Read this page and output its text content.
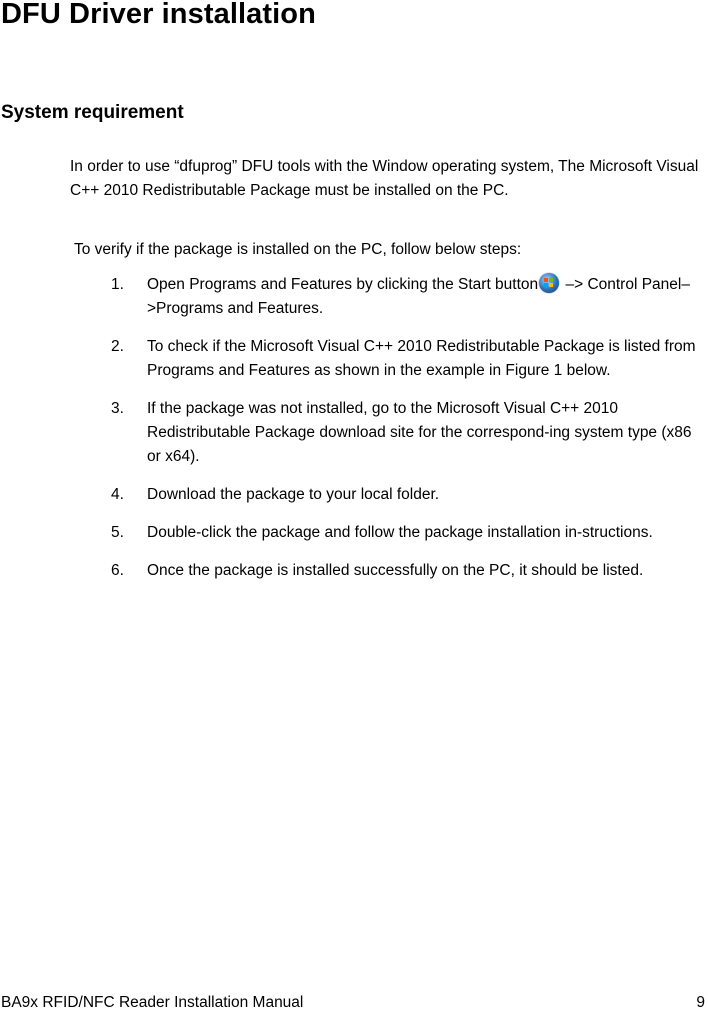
DFU Driver installation
System requirement

In order to use “dfuprog” DFU tools with the Window operating system, The Microsoft Visual C++ 2010 Redistributable Package must be installed on the PC.

To verify if the package is installed on the PC, follow below steps:

1. Open Programs and Features by clicking the Start button
–> Control Panel–>Programs and Features.
2. To check if the Microsoft Visual C++ 2010 Redistributable Package is listed from Programs and Features as shown in the example in Figure 1 below.
3. If the package was not installed, go to the Microsoft Visual C++ 2010 Redistributable Package download site for the correspond-ing system type (x86 or x64).
4. Download the package to your local folder.
5. Double-click the package and follow the package installation in-structions.
6. Once the package is installed successfully on the PC, it should be listed.

BA9x RFID/NFC Reader Installation Manual	9
